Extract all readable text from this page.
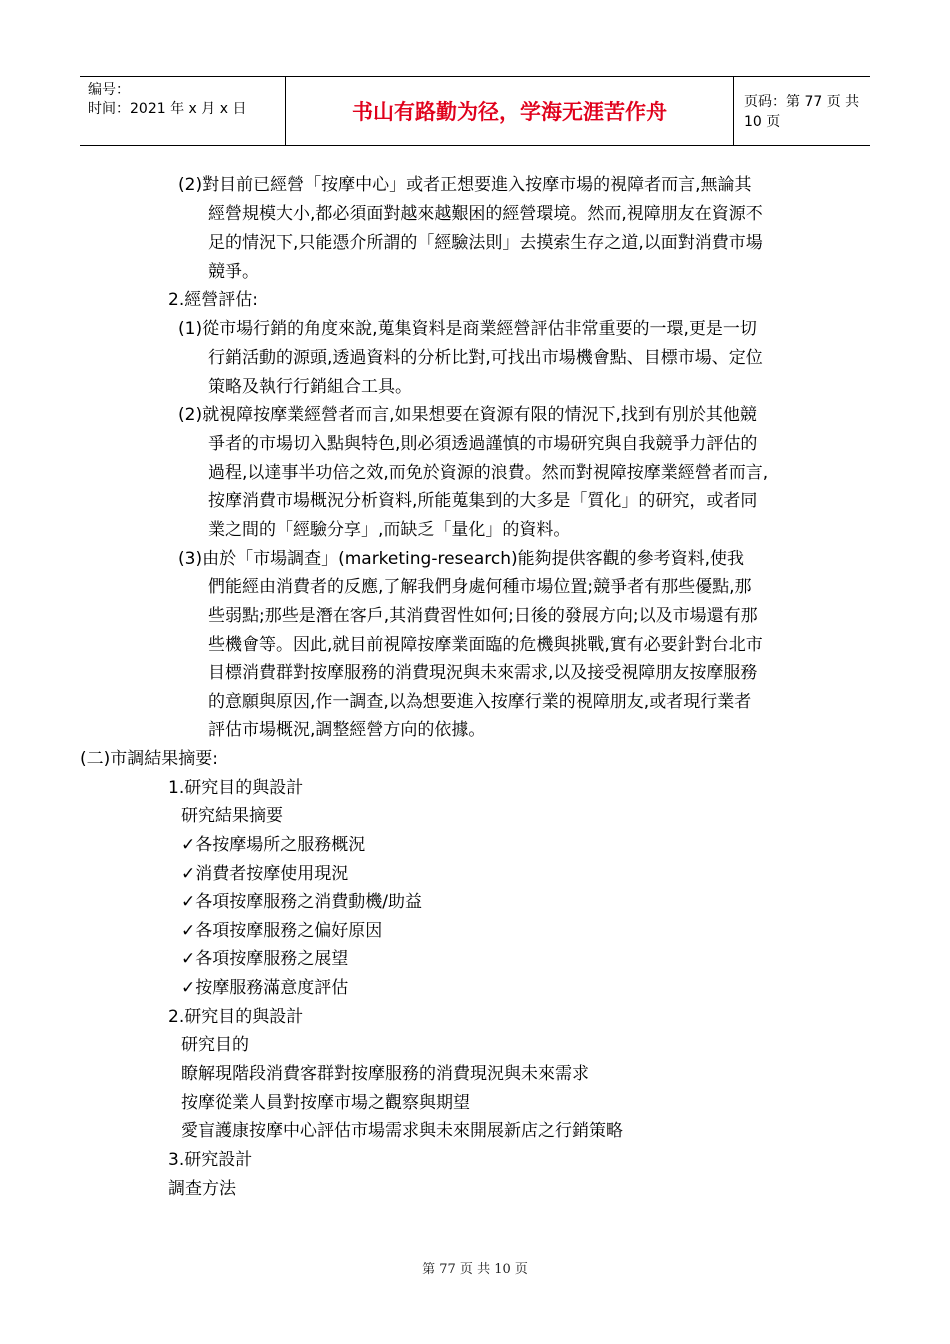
编号：
时间：2021 年 x 月 x 日	书山有路勤为径，学海无涯苦作舟	页码：第 77 页 共 10 页
(2)對目前已經營「按摩中心」或者正想要進入按摩市場的視障者而言,無論其
經營規模大小,都必須面對越來越艱困的經營環境。然而,視障朋友在資源不
足的情況下,只能憑介所謂的「經驗法則」去摸索生存之道,以面對消費市場
競爭。
2.經營評估:
(1)從市場行銷的角度來說,蒐集資料是商業經營評估非常重要的一環,更是一切
行銷活動的源頭,透過資料的分析比對,可找出市場機會點、目標市場、定位
策略及執行行銷組合工具。
(2)就視障按摩業經營者而言,如果想要在資源有限的情況下,找到有別於其他競
爭者的市場切入點與特色,則必須透過謹慎的市場研究與自我競爭力評估的
過程,以達事半功倍之效,而免於資源的浪費。然而對視障按摩業經營者而言,
按摩消費市場概況分析資料,所能蒐集到的大多是「質化」的研究，或者同
業之間的「經驗分享」,而缺乏「量化」的資料。
(3)由於「市場調查」(marketing-research)能夠提供客觀的參考資料,使我
們能經由消費者的反應,了解我們身處何種市場位置;競爭者有那些優點,那
些弱點;那些是潛在客戶,其消費習性如何;日後的發展方向;以及市場還有那
些機會等。因此,就目前視障按摩業面臨的危機與挑戰,實有必要針對台北市
目標消費群對按摩服務的消費現況與未來需求,以及接受視障朋友按摩服務
的意願與原因,作一調查,以為想要進入按摩行業的視障朋友,或者現行業者
評估市場概況,調整經營方向的依據。
(二)市調結果摘要:
1.研究目的與設計
研究結果摘要
✓各按摩場所之服務概況
✓消費者按摩使用現況
✓各項按摩服務之消費動機/助益
✓各項按摩服務之偏好原因
✓各項按摩服務之展望
✓按摩服務滿意度評估
2.研究目的與設計
研究目的
瞭解現階段消費客群對按摩服務的消費現況與未來需求
按摩從業人員對按摩市場之觀察與期望
愛盲護康按摩中心評估市場需求與未來開展新店之行銷策略
3.研究設計
調查方法
第 77 页 共 10 页
